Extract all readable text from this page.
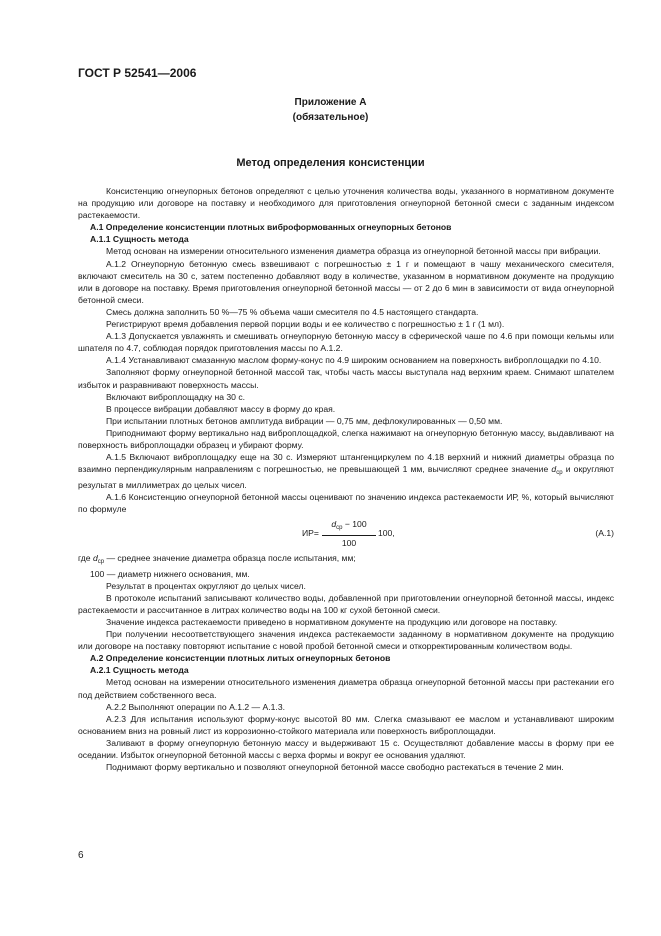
ГОСТ Р 52541—2006
Приложение А
(обязательное)
Метод определения консистенции

Консистенцию огнеупорных бетонов определяют с целью уточнения количества воды, указанного в нормативном документе на продукцию или договоре на поставку и необходимого для приготовления огнеупорной бетонной смеси с заданным индексом растекаемости.

А.1 Определение консистенции плотных виброформованных огнеупорных бетонов

А.1.1 Сущность метода

Метод основан на измерении относительного изменения диаметра образца из огнеупорной бетонной массы при вибрации.

А.1.2 Огнеупорную бетонную смесь взвешивают с погрешностью ± 1 г и помещают в чашу механического смесителя, включают смеситель на 30 с, затем постепенно добавляют воду в количестве, указанном в нормативном документе на продукцию или в договоре на поставку. Время приготовления огнеупорной бетонной массы — от 2 до 6 мин в зависимости от вида огнеупорной бетонной смеси.

Смесь должна заполнить 50 %—75 % объема чаши смесителя по 4.5 настоящего стандарта.

Регистрируют время добавления первой порции воды и ее количество с погрешностью ± 1 г (1 мл).

А.1.3 Допускается увлажнять и смешивать огнеупорную бетонную массу в сферической чаше по 4.6 при помощи кельмы или шпателя по 4.7, соблюдая порядок приготовления массы по А.1.2.

А.1.4 Устанавливают смазанную маслом форму-конус по 4.9 широким основанием на поверхность виброплощадки по 4.10.

Заполняют форму огнеупорной бетонной массой так, чтобы часть массы выступала над верхним краем. Снимают шпателем избыток и разравнивают поверхность массы.

Включают виброплощадку на 30 с.

В процессе вибрации добавляют массу в форму до края.

При испытании плотных бетонов амплитуда вибрации — 0,75 мм, дефлокулированных — 0,50 мм.

Приподнимают форму вертикально над виброплощадкой, слегка нажимают на огнеупорную бетонную массу, выдавливают на поверхность виброплощадки образец и убирают форму.

А.1.5 Включают виброплощадку еще на 30 с. Измеряют штангенциркулем по 4.18 верхний и нижний диаметры образца по взаимно перпендикулярным направлениям с погрешностью, не превышающей 1 мм, вычисляют среднее значение $d_{ср}$ и округляют результат в миллиметрах до целых чисел.

А.1.6 Консистенцию огнеупорной бетонной массы оценивают по значению индекса растекаемости ИР, %, который вычисляют по формуле

ИР=
$d_{ср} - 100$
100
100,	(А.1)

где $d_{ср}$ — среднее значение диаметра образца после испытания, мм;

100 — диаметр нижнего основания, мм.

Результат в процентах округляют до целых чисел.

В протоколе испытаний записывают количество воды, добавленной при приготовлении огнеупорной бетонной массы, индекс растекаемости и рассчитанное в литрах количество воды на 100 кг сухой бетонной смеси.

Значение индекса растекаемости приведено в нормативном документе на продукцию или договоре на поставку.

При получении несоответствующего значения индекса растекаемости заданному в нормативном документе на продукцию или договоре на поставку повторяют испытание с новой пробой бетонной смеси и откорректированным количеством воды.

А.2 Определение консистенции плотных литых огнеупорных бетонов

А.2.1 Сущность метода

Метод основан на измерении относительного изменения диаметра образца огнеупорной бетонной массы при растекании его под действием собственного веса.

А.2.2 Выполняют операции по А.1.2 — А.1.3.

А.2.3 Для испытания используют форму-конус высотой 80 мм. Слегка смазывают ее маслом и устанавливают широким основанием вниз на ровный лист из коррозионно-стойкого материала или поверхность виброплощадки.

Заливают в форму огнеупорную бетонную массу и выдерживают 15 с. Осуществляют добавление массы в форму при ее оседании. Избыток огнеупорной бетонной массы с верха формы и вокруг ее основания удаляют.

Поднимают форму вертикально и позволяют огнеупорной бетонной массе свободно растекаться в течение 2 мин.

6
